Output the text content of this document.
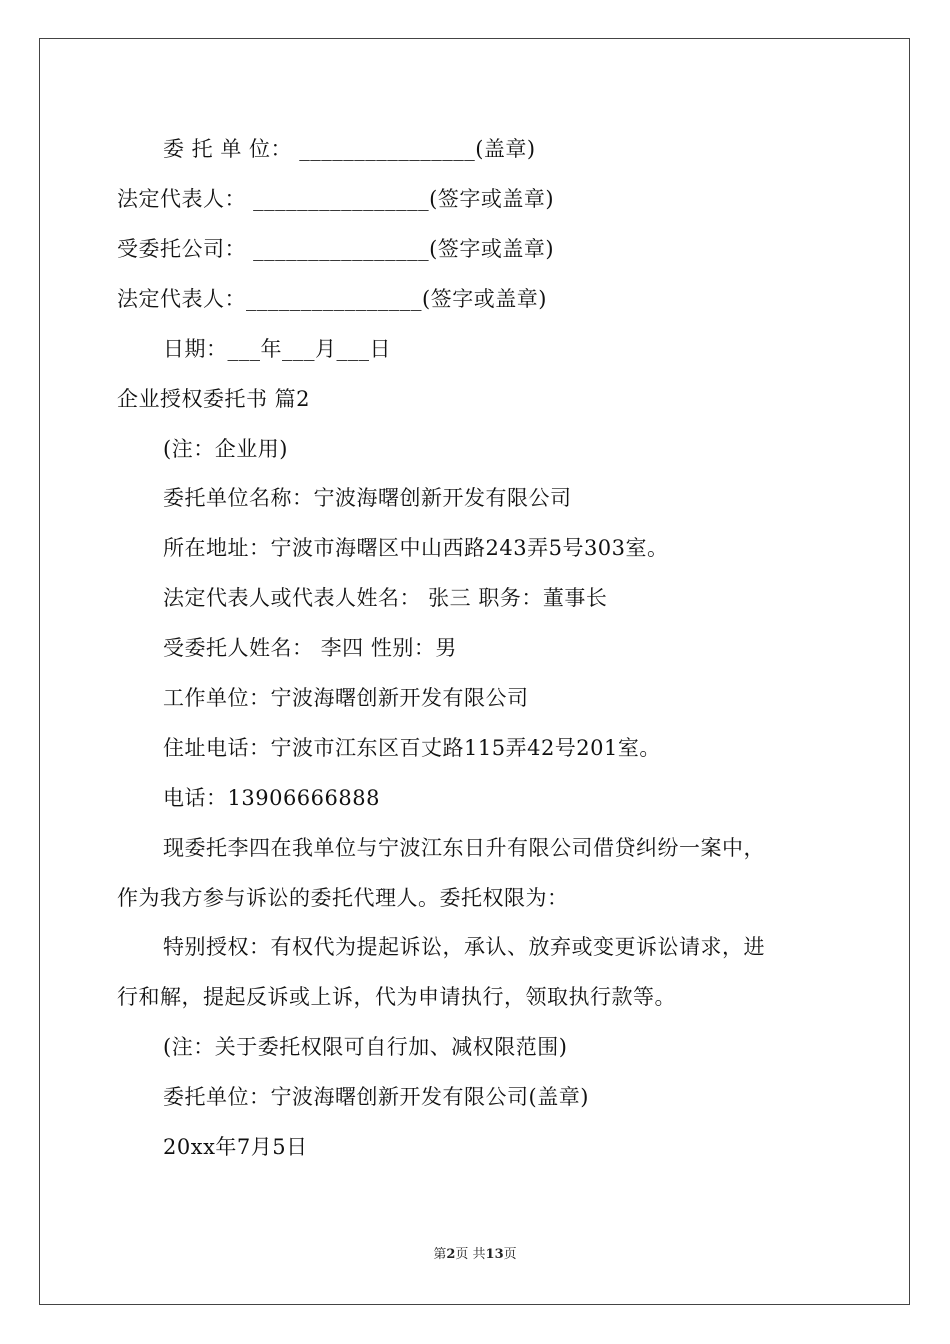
委 托 单 位： ________________(盖章)
法定代表人： ________________(签字或盖章)
受委托公司： ________________(签字或盖章)
法定代表人：________________(签字或盖章)
日期：___年___月___日
企业授权委托书 篇2
(注：企业用)
委托单位名称：宁波海曙创新开发有限公司
所在地址：宁波市海曙区中山西路243弄5号303室。
法定代表人或代表人姓名： 张三 职务：董事长
受委托人姓名： 李四 性别：男
工作单位：宁波海曙创新开发有限公司
住址电话：宁波市江东区百丈路115弄42号201室。
电话：13906666888
现委托李四在我单位与宁波江东日升有限公司借贷纠纷一案中，
作为我方参与诉讼的委托代理人。委托权限为：
特别授权：有权代为提起诉讼，承认、放弃或变更诉讼请求，进
行和解，提起反诉或上诉，代为申请执行，领取执行款等。
(注：关于委托权限可自行加、减权限范围)
委托单位：宁波海曙创新开发有限公司(盖章)
20xx年7月5日
第2页 共13页
